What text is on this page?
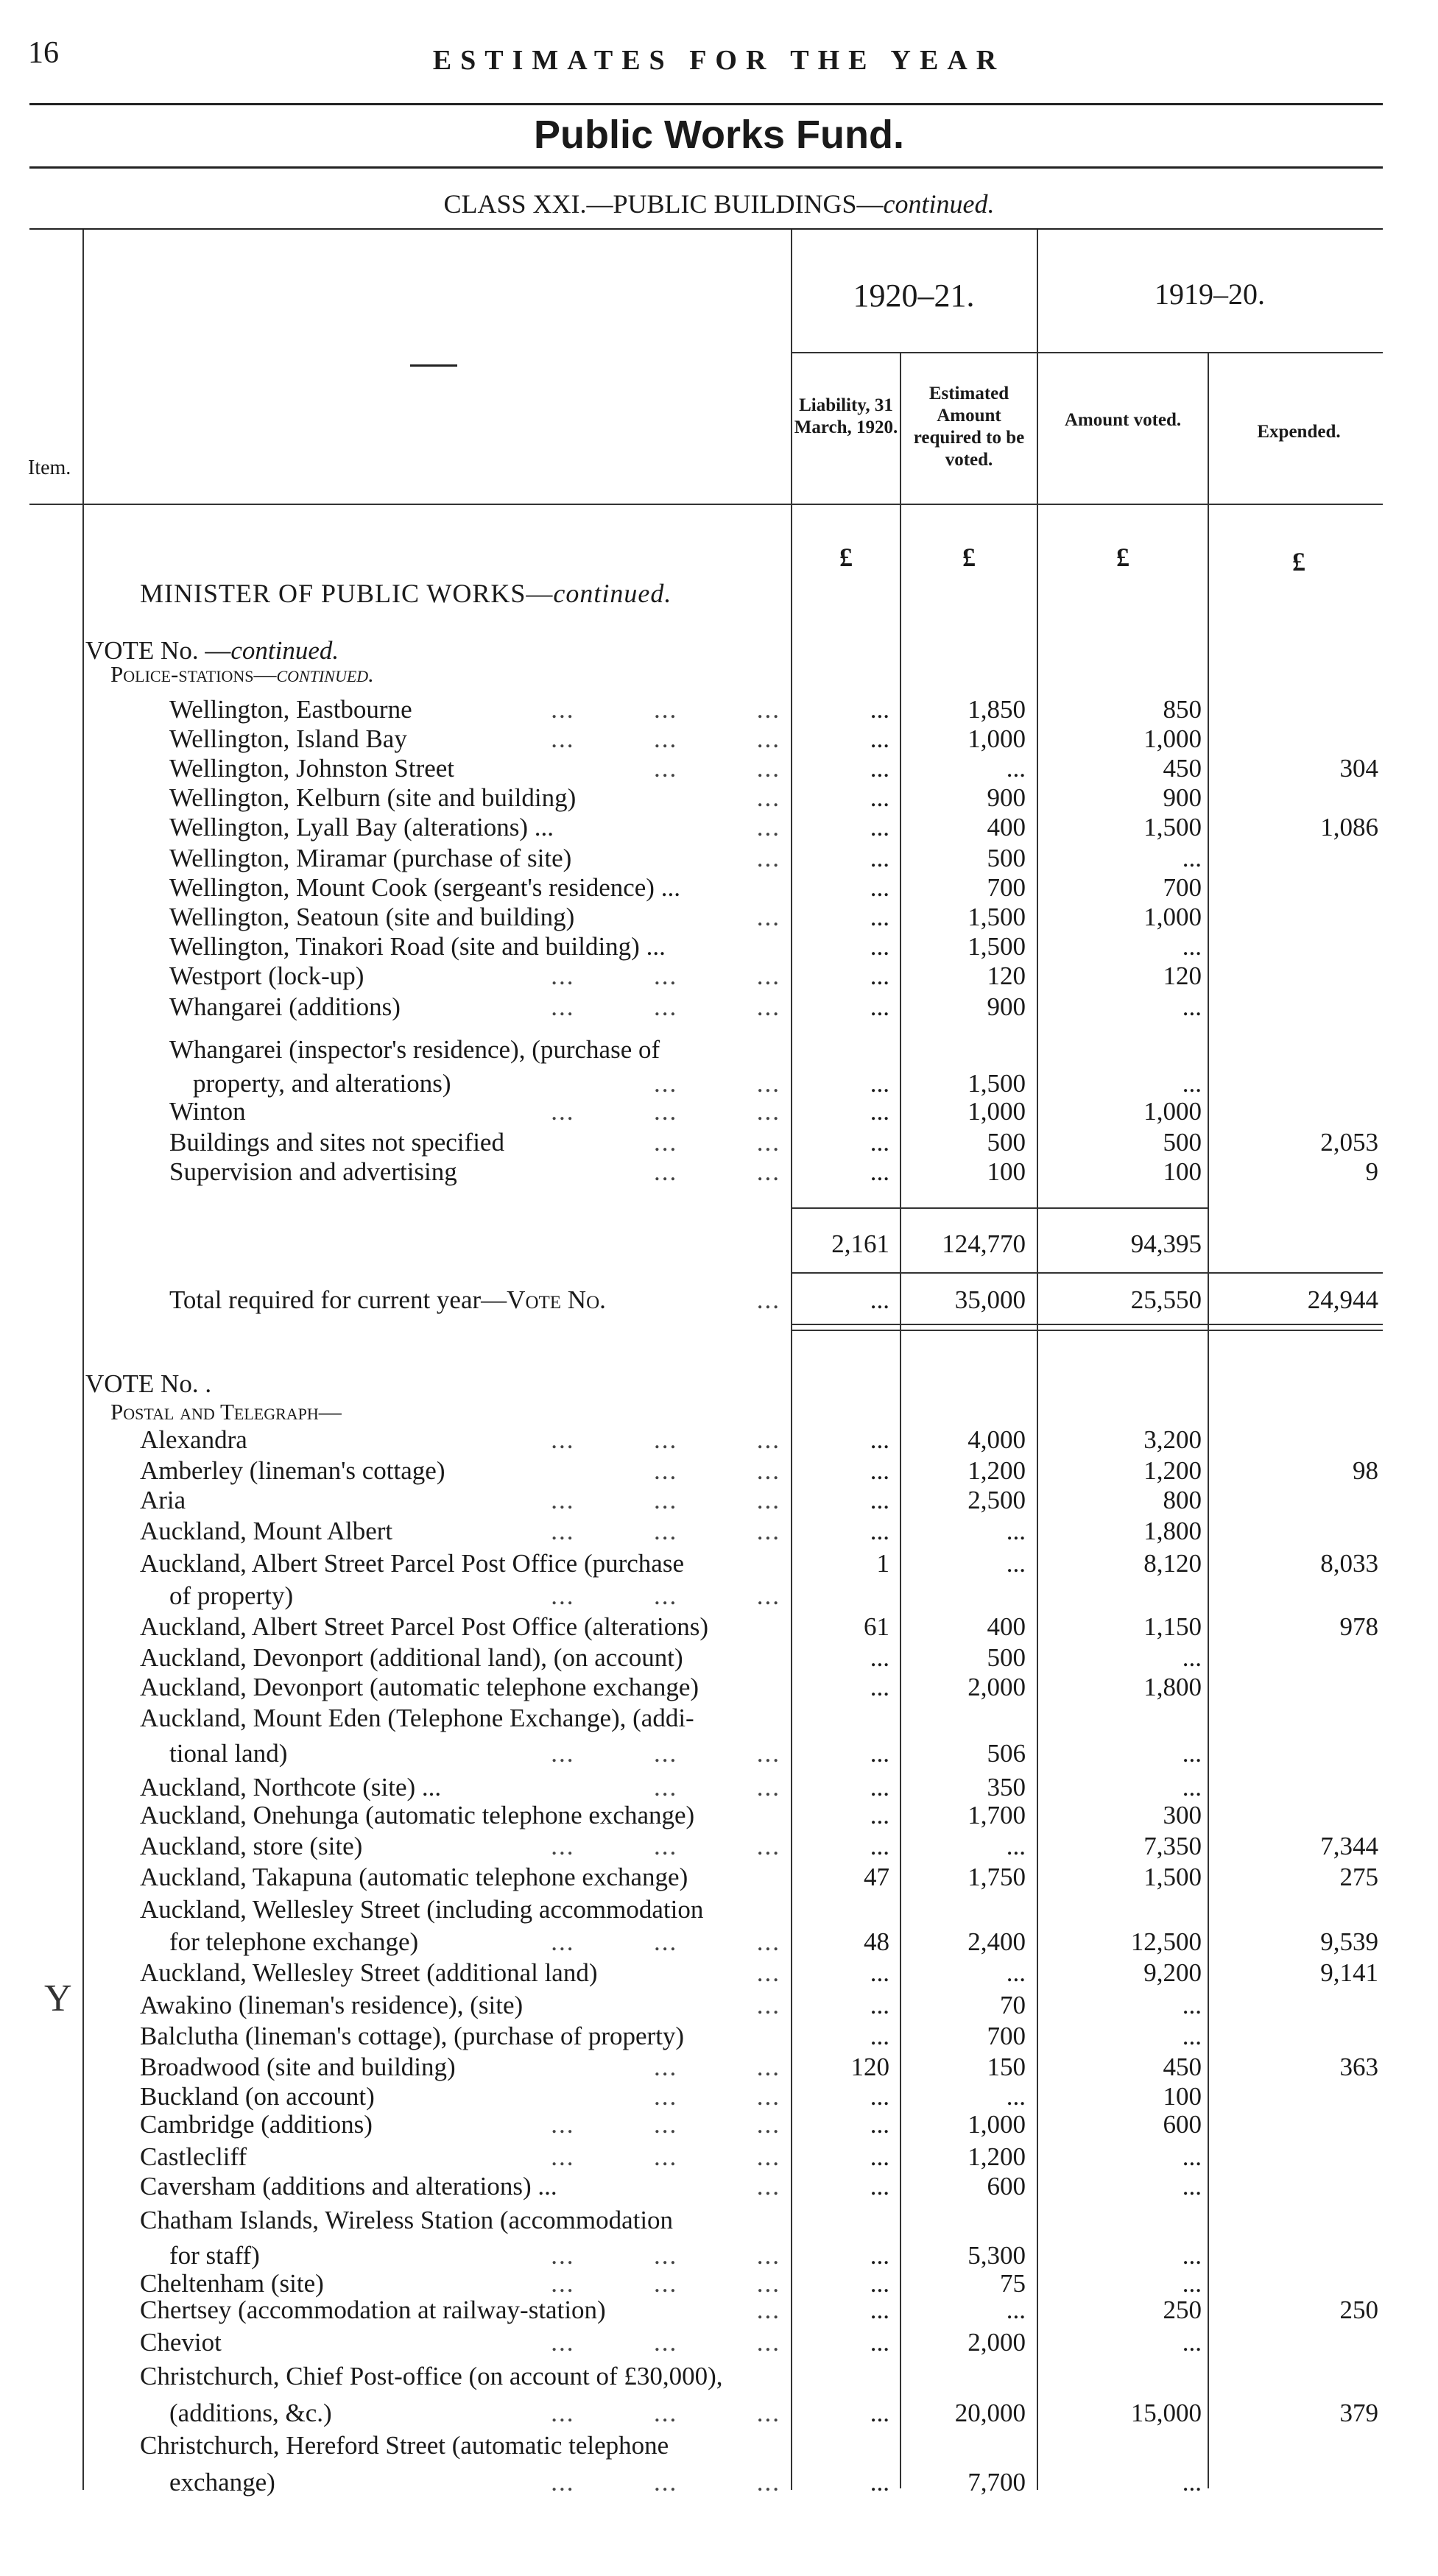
16	ESTIMATES FOR THE YEAR
Public Works Fund.
CLASS XXI.—PUBLIC BUILDINGS—continued.
Item.
1920–21.	1919–20.
Liability, 31 March, 1920.
Estimated Amount required to be voted.
Amount voted.
Expended.
£	£	£	£
MINISTER OF PUBLIC WORKS—continued.
VOTE No. —continued.
Police-stations—continued.
Wellington, Eastbourne	...          ...          ...	...	1,850	850
Wellington, Island Bay	...          ...          ...	...	1,000	1,000
Wellington, Johnston Street	...          ...	...	...	450	304
Wellington, Kelburn (site and building)
...	...	900	900
Wellington, Lyall Bay (alterations) ...
...	...	400	1,500	1,086
Wellington, Miramar (purchase of site)
...	...	500	...
Wellington, Mount Cook (sergeant's residence) ...	...	700	700
Wellington, Seatoun (site and building)
...	...	1,500	1,000
Wellington, Tinakori Road (site and building) ...	...	1,500	...
Westport (lock-up)	...          ...          ...	...	120	120
Whangarei (additions)	...          ...          ...	...	900	...
Whangarei (inspector's residence), (purchase of
property, and alterations)	...          ...	...	1,500	...
Winton	...          ...          ...	...	1,000	1,000
Buildings and sites not specified	...          ...	...	500	500	2,053
Supervision and advertising	...          ...	...	100	100	9
2,161	124,770	94,395
Total required for current year—Vote No.
...	...	35,000	25,550	24,944
VOTE No. .
Postal and Telegraph—
Alexandra	...          ...          ...	...	4,000	3,200
Amberley (lineman's cottage)	...          ...	...	1,200	1,200	98
Aria	...          ...          ...	...	2,500	800
Auckland, Mount Albert	...          ...          ...	...	...	1,800
Auckland, Albert Street Parcel Post Office (purchase	1	...	8,120	8,033
of property)	...          ...          ...
Auckland, Albert Street Parcel Post Office (alterations)	61	400	1,150	978
Auckland, Devonport (additional land), (on account)	...	500	...
Auckland, Devonport (automatic telephone exchange)	...	2,000	1,800
Auckland, Mount Eden (Telephone Exchange), (addi-
tional land)	...          ...          ...	...	506	...
Auckland, Northcote (site) ...	...          ...	...	350	...
Auckland, Onehunga (automatic telephone exchange)	...	1,700	300
Auckland, store (site)	...          ...          ...	...	...	7,350	7,344
Auckland, Takapuna (automatic telephone exchange)	47	1,750	1,500	275
Auckland, Wellesley Street (including accommodation
for telephone exchange)	...          ...          ...	48	2,400	12,500	9,539
Auckland, Wellesley Street (additional land) ...	...	...	9,200	9,141
Awakino (lineman's residence), (site)	...	...	70	...
Balclutha (lineman's cottage), (purchase of property)	...	700	...
Broadwood (site and building)	...          ...	120	150	450	363
Buckland (on account)	...          ...	...	...	100
Cambridge (additions)	...          ...          ...	...	1,000	600
Castlecliff	...          ...          ...	...	1,200	...
Caversham (additions and alterations) ...	...	...	600	...
Chatham Islands, Wireless Station (accommodation
for staff)	...          ...          ...	...	5,300	...
Cheltenham (site)	...          ...          ...	...	75	...
Chertsey (accommodation at railway-station)
...	...	...	250	250
Cheviot	...          ...          ...	...	2,000	...
Christchurch, Chief Post-office (on account of £30,000),
(additions, &c.)	...          ...          ...	...	20,000	15,000	379
Christchurch, Hereford Street (automatic telephone
exchange)	...          ...          ...	...	7,700	...
Y
